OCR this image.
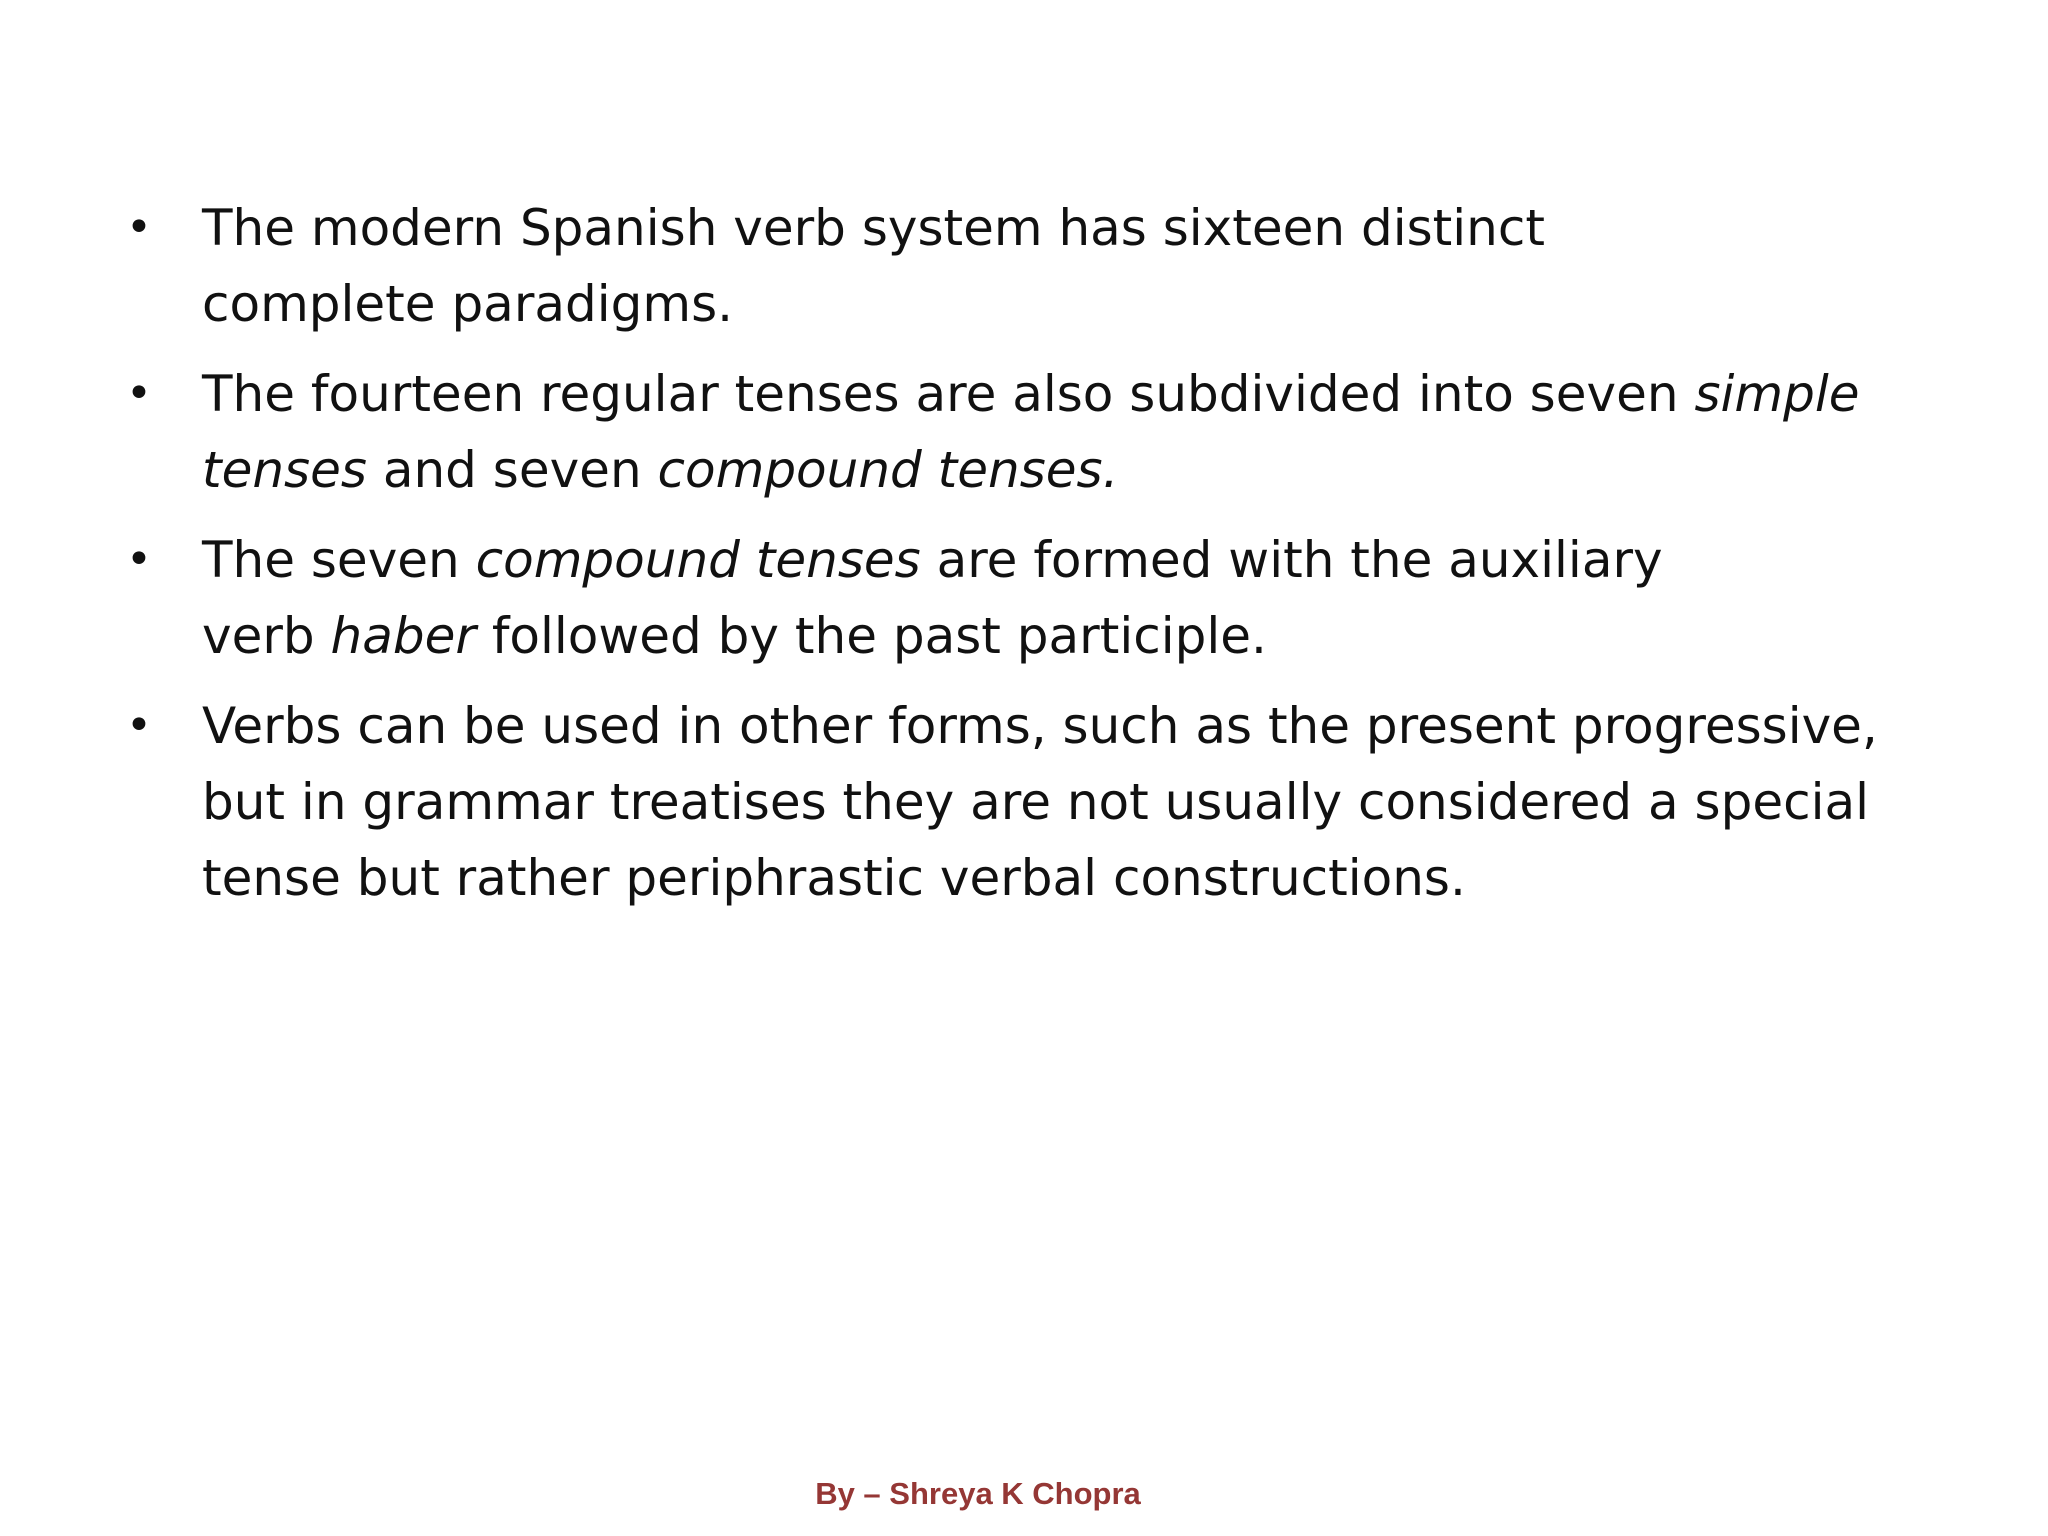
• The modern Spanish verb system has sixteen distinct
complete paradigms.
• The fourteen regular tenses are also subdivided into seven simple
tenses and seven compound tenses.
• The seven compound tenses are formed with the auxiliary
verb haber followed by the past participle.
• Verbs can be used in other forms, such as the present progressive,
but in grammar treatises they are not usually considered a special
tense but rather periphrastic verbal constructions.
By – Shreya K Chopra
